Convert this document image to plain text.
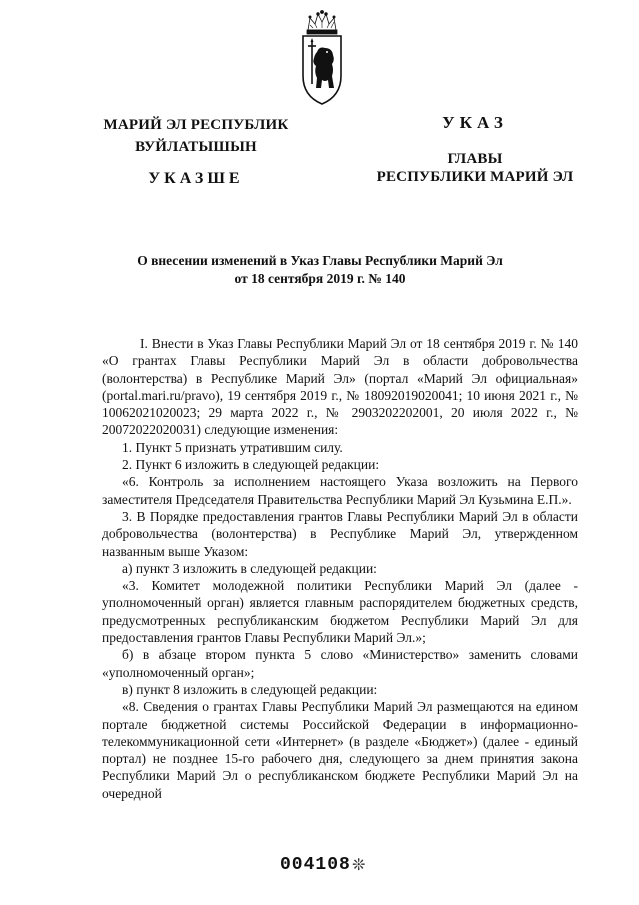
МАРИЙ ЭЛ РЕСПУБЛИК
ВУЙЛАТЫШЫН
УКАЗШЕ
УКАЗ
ГЛАВЫ
РЕСПУБЛИКИ МАРИЙ ЭЛ
О внесении изменений в Указ Главы Республики Марий Эл
от 18 сентября 2019 г. № 140

I. Внести в Указ Главы Республики Марий Эл от 18 сентября 2019 г. № 140 «О грантах Главы Республики Марий Эл в области добровольчества (волонтерства) в Республике Марий Эл» (портал «Марий Эл официальная» (portal.mari.ru/pravo), 19 сентября 2019 г., № 18092019020041; 10 июня 2021 г., № 10062021020023; 29 марта 2022 г., № 2903202202001, 20 июля 2022 г., № 20072022020031) следующие изменения:

1. Пункт 5 признать утратившим силу.

2. Пункт 6 изложить в следующей редакции:

«6. Контроль за исполнением настоящего Указа возложить на Первого заместителя Председателя Правительства Республики Марий Эл Кузьмина Е.П.».

3. В Порядке предоставления грантов Главы Республики Марий Эл в области добровольчества (волонтерства) в Республике Марий Эл, утвержденном названным выше Указом:

а) пункт 3 изложить в следующей редакции:

«3. Комитет молодежной политики Республики Марий Эл (далее - уполномоченный орган) является главным распорядителем бюджетных средств, предусмотренных республиканским бюджетом Республики Марий Эл для предоставления грантов Главы Республики Марий Эл.»;

б) в абзаце втором пункта 5 слово «Министерство» заменить словами «уполномоченный орган»;

в) пункт 8 изложить в следующей редакции:

«8. Сведения о грантах Главы Республики Марий Эл размещаются на едином портале бюджетной системы Российской Федерации в информационно-телекоммуникационной сети «Интернет» (в разделе «Бюджет») (далее - единый портал) не позднее 15-го рабочего дня, следующего за днем принятия закона Республики Марий Эл о республиканском бюджете Республики Марий Эл на очередной

004108 ❊
